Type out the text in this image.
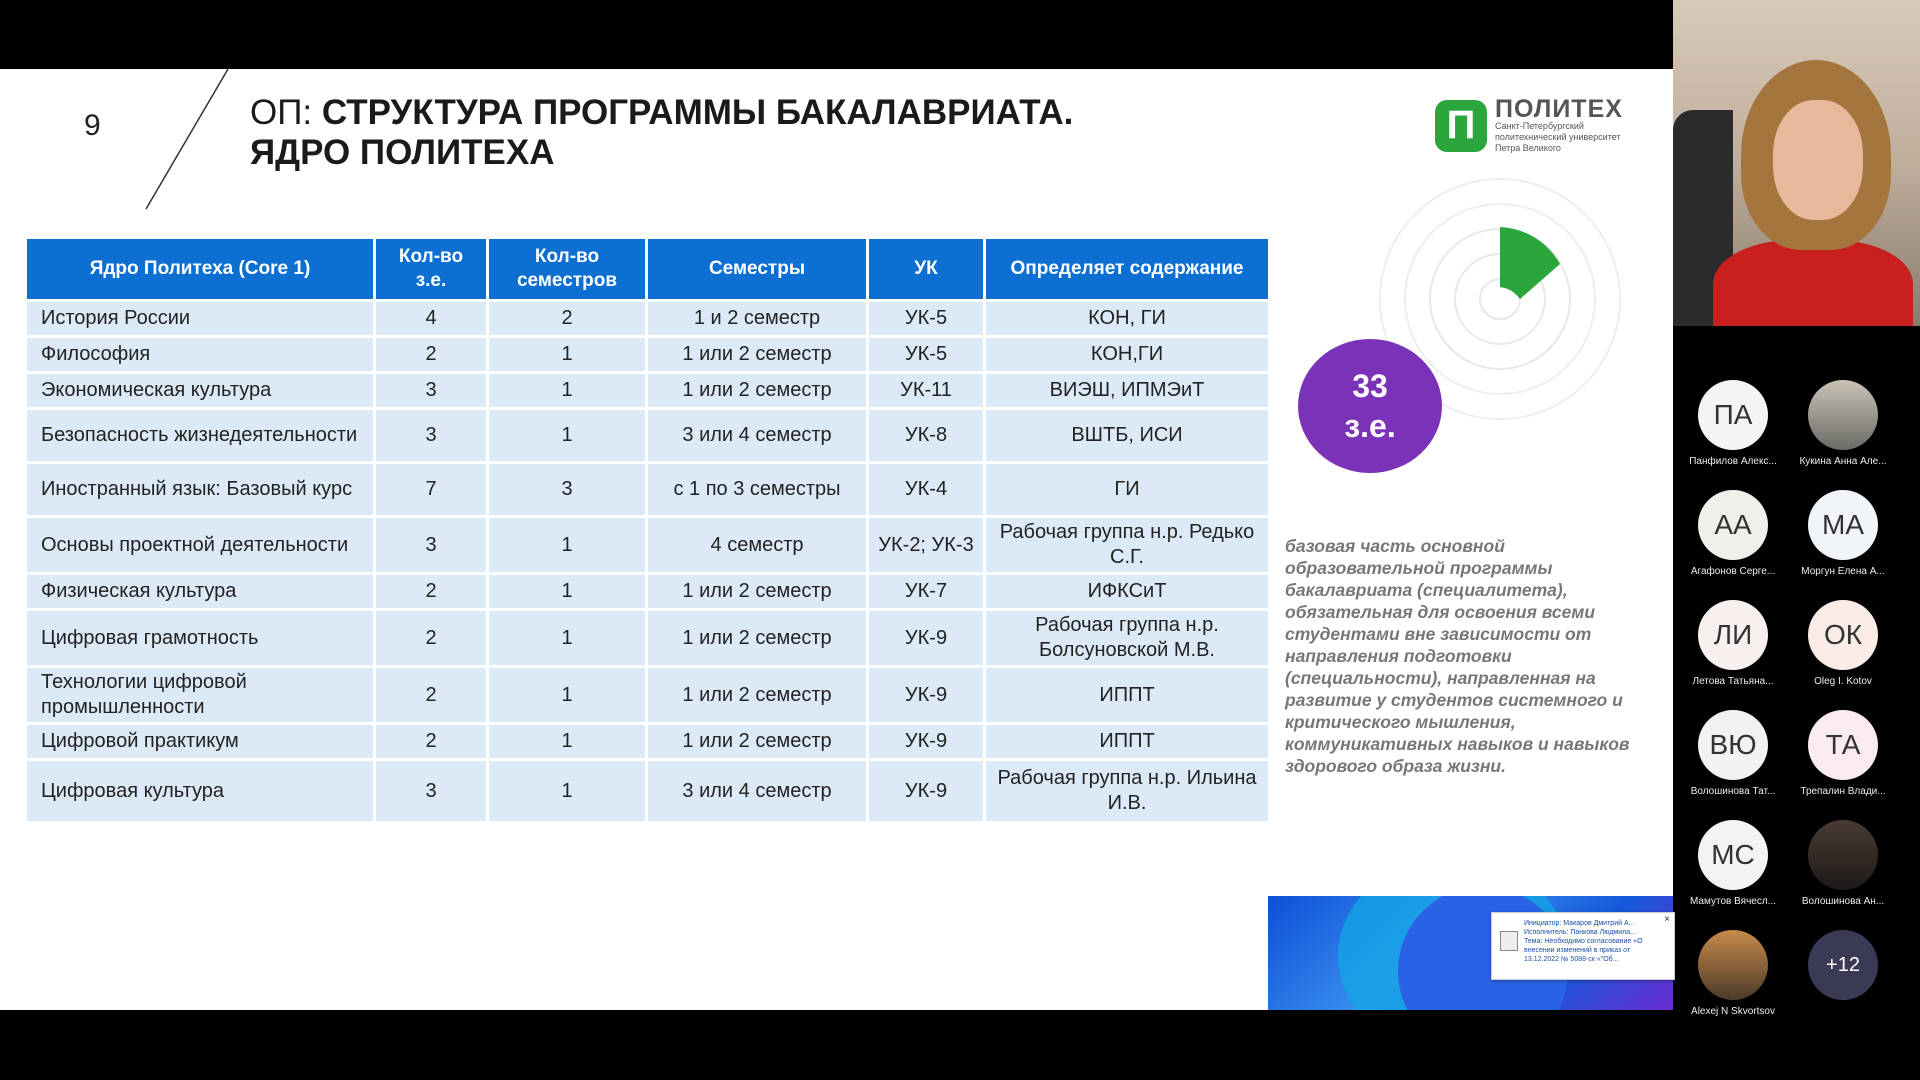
9	ОП: СТРУКТУРА ПРОГРАММЫ БАКАЛАВРИАТА.
ЯДРО ПОЛИТЕХА
П ПОЛИТЕХ
Санкт-Петербургский политехнический университет Петра Великого
Ядро Политеха (Core 1)	Кол-во з.е.	Кол-во семестров	Семестры	УК	Определяет содержание
История России	4	2	1 и 2 семестр	УК-5	КОН, ГИ
Философия	2	1	1 или 2 семестр	УК-5	КОН,ГИ
Экономическая культура	3	1	1 или 2 семестр	УК-11	ВИЭШ, ИПМЭиТ
Безопасность жизнедеятельности	3	1	3 или 4 семестр	УК-8	ВШТБ, ИСИ
Иностранный язык: Базовый курс	7	3	с 1 по 3 семестры	УК-4	ГИ
Основы проектной деятельности	3	1	4 семестр	УК-2; УК-3	Рабочая группа н.р. Редько С.Г.
Физическая культура	2	1	1 или 2 семестр	УК-7	ИФКСиТ
Цифровая грамотность	2	1	1 или 2 семестр	УК-9	Рабочая группа н.р. Болсуновской М.В.
Технологии цифровой промышленности	2	1	1 или 2 семестр	УК-9	ИППТ
Цифровой практикум	2	1	1 или 2 семестр	УК-9	ИППТ
Цифровая культура	3	1	3 или 4 семестр	УК-9	Рабочая группа н.р. Ильина И.В.
33
з.е.
базовая часть основной образовательной программы бакалавриата (специалитета), обязательная для освоения всеми студентами вне зависимости от направления подготовки (специальности), направленная на развитие у студентов системного и критического мышления, коммуникативных навыков и навыков здорового образа жизни.
Инициатор: Макаров Дмитрий А...
Исполнитель: Панкова Людмила...
Тема: Необходимо согласование «О внесении изменений в приказ от 13.12.2022 № 5088-ск «"Об...
×
ПА
Панфилов Алекс...	Кукина Анна Але...
АА
Агафонов Серге...
МА
Моргун Елена А...
ЛИ
Летова Татьяна...
ОК
Oleg I. Kotov
ВЮ
Волошинова Тат...
ТА
Трепалин Влади...
МС
Мамутов Вячесл...	Волошинова Ан...
Alexej N Skvortsov
+12
